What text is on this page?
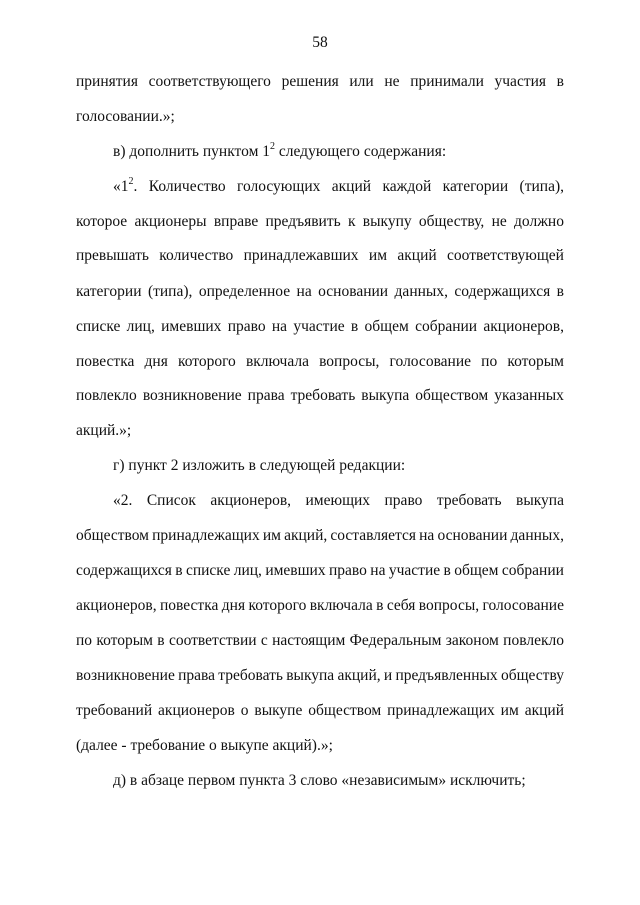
58
принятия соответствующего решения или не принимали участия в
голосовании.»;
в) дополнить пунктом $1^2$ следующего содержания:
«$1^2$. Количество голосующих акций каждой категории (типа),
которое акционеры вправе предъявить к выкупу обществу, не должно
превышать количество принадлежавших им акций соответствующей
категории (типа), определенное на основании данных, содержащихся в
списке лиц, имевших право на участие в общем собрании акционеров,
повестка дня которого включала вопросы, голосование по которым
повлекло возникновение права требовать выкупа обществом указанных
акций.»;
г) пункт 2 изложить в следующей редакции:
«2. Список акционеров, имеющих право требовать выкупа
обществом принадлежащих им акций, составляется на основании данных,
содержащихся в списке лиц, имевших право на участие в общем собрании
акционеров, повестка дня которого включала в себя вопросы, голосование
по которым в соответствии с настоящим Федеральным законом повлекло
возникновение права требовать выкупа акций, и предъявленных обществу
требований акционеров о выкупе обществом принадлежащих им акций
(далее - требование о выкупе акций).»;
д) в абзаце первом пункта 3 слово «независимым» исключить;
